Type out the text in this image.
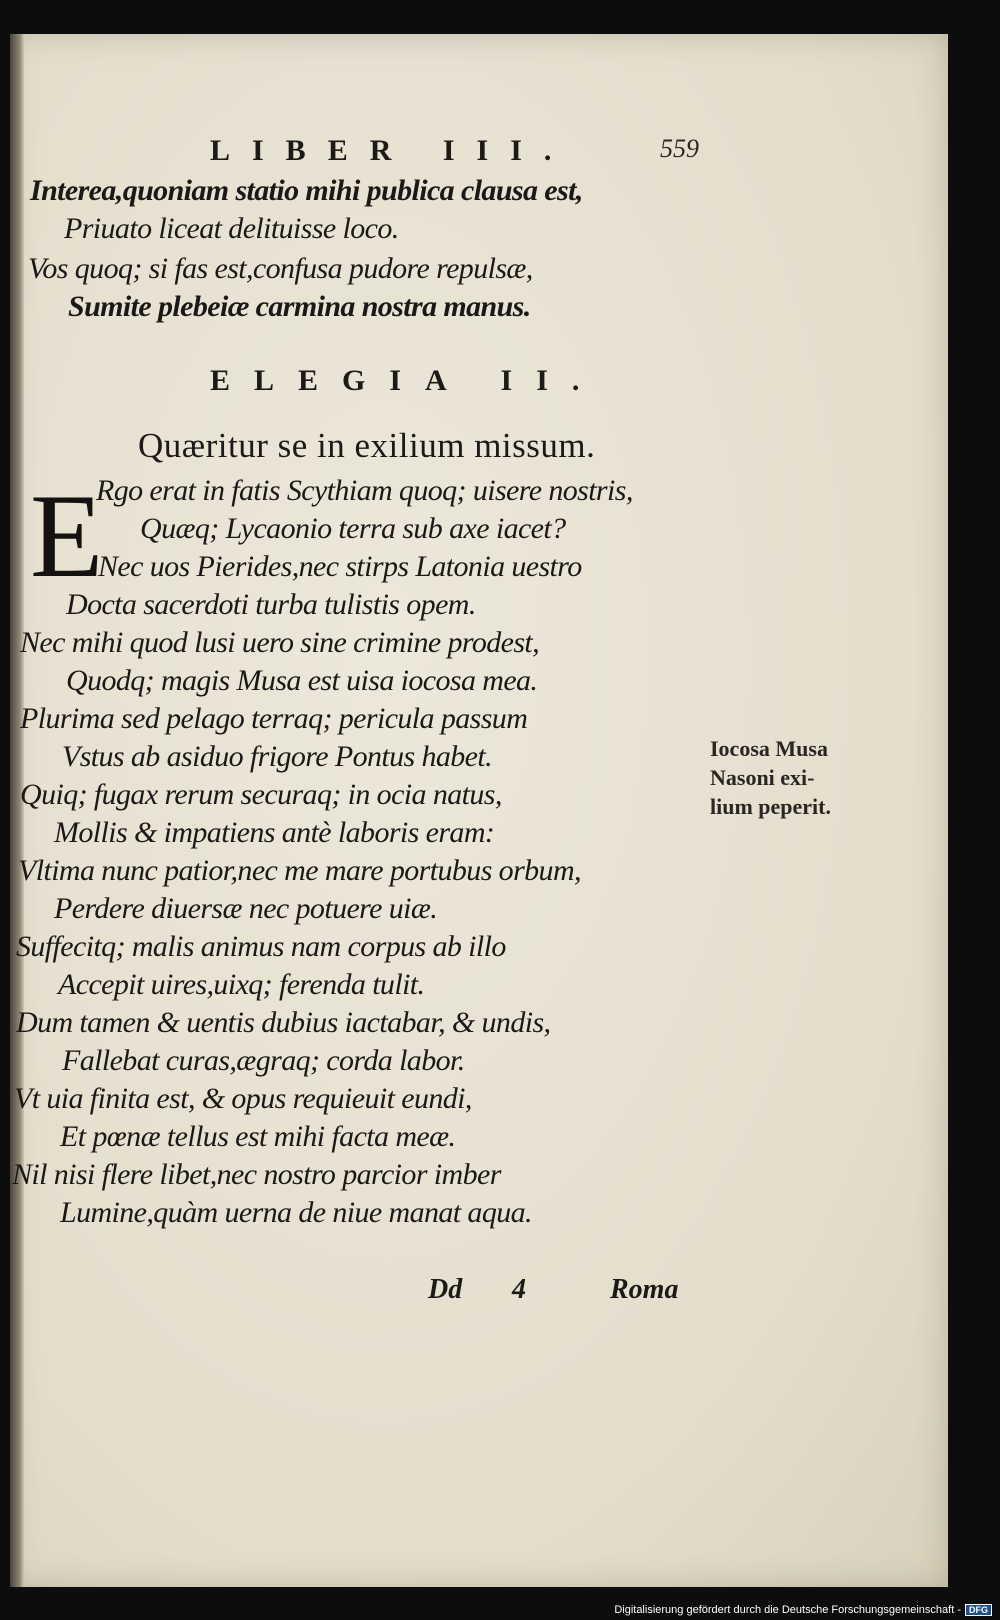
LIBER III.	559
Interea,quoniam statio mihi publica clausa est,
Priuato liceat delituisse loco.
Vos quoq; si fas est,confusa pudore repulsæ,
Sumite plebeiæ carmina nostra manus.
ELEGIA II.
Quæritur se in exilium missum.
E
Rgo erat in fatis Scythiam quoq; uisere nostris,
Quæq; Lycaonio terra sub axe iacet?
Nec uos Pierides,nec stirps Latonia uestro
Docta sacerdoti turba tulistis opem.
Nec mihi quod lusi uero sine crimine prodest,
Quodq; magis Musa est uisa iocosa mea.
Plurima sed pelago terraq; pericula passum
Vstus ab asiduo frigore Pontus habet.
Quiq; fugax rerum securaq; in ocia natus,
Mollis & impatiens antè laboris eram:
Vltima nunc patior,nec me mare portubus orbum,
Perdere diuersæ nec potuere uiæ.
Suffecitq; malis animus nam corpus ab illo
Accepit uires,uixq; ferenda tulit.
Dum tamen & uentis dubius iactabar, & undis,
Fallebat curas,ægraq; corda labor.
Vt uia finita est, & opus requieuit eundi,
Et pœnæ tellus est mihi facta meæ.
Nil nisi flere libet,nec nostro parcior imber
Lumine,quàm uerna de niue manat aqua.
Iocosa Musa
Nasoni exi-
lium peperit.
Dd 4	Roma
Digitalisierung gefördert durch die Deutsche Forschungsgemeinschaft - DFG
